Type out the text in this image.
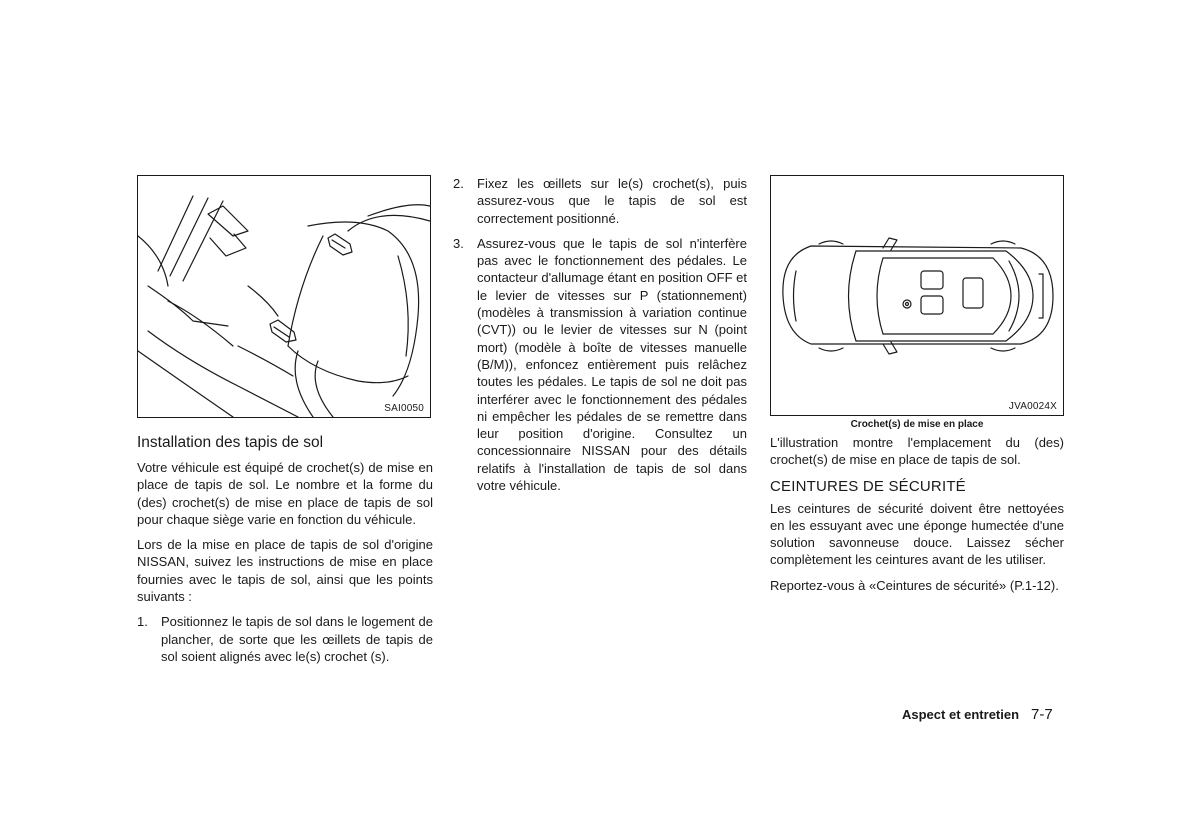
SAI0050
Installation des tapis de sol

Votre véhicule est équipé de crochet(s) de mise en place de tapis de sol. Le nombre et la forme du (des) crochet(s) de mise en place de tapis de sol pour chaque siège varie en fonction du véhicule.

Lors de la mise en place de tapis de sol d'origine NISSAN, suivez les instructions de mise en place fournies avec le tapis de sol, ainsi que les points suivants :

1. Positionnez le tapis de sol dans le logement de plancher, de sorte que les œillets de tapis de sol soient alignés avec le(s) crochet (s).
2. Fixez les œillets sur le(s) crochet(s), puis assurez-vous que le tapis de sol est correctement positionné.
3. Assurez-vous que le tapis de sol n'interfère pas avec le fonctionnement des pédales. Le contacteur d'allumage étant en position OFF et le levier de vitesses sur P (stationnement) (modèles à transmission à variation continue (CVT)) ou le levier de vitesses sur N (point mort) (modèle à boîte de vitesses manuelle (B/M)), enfoncez entièrement puis relâchez toutes les pédales. Le tapis de sol ne doit pas interférer avec le fonctionnement des pédales ni empêcher les pédales de se remettre dans leur position d'origine. Consultez un concessionnaire NISSAN pour des détails relatifs à l'installation de tapis de sol dans votre véhicule.
JVA0024X
Crochet(s) de mise en place

L'illustration montre l'emplacement du (des) crochet(s) de mise en place de tapis de sol.

CEINTURES DE SÉCURITÉ

Les ceintures de sécurité doivent être nettoyées en les essuyant avec une éponge humectée d'une solution savonneuse douce. Laissez sécher complètement les ceintures avant de les utiliser.

Reportez-vous à «Ceintures de sécurité» (P.1-12).

Aspect et entretien 7-7
